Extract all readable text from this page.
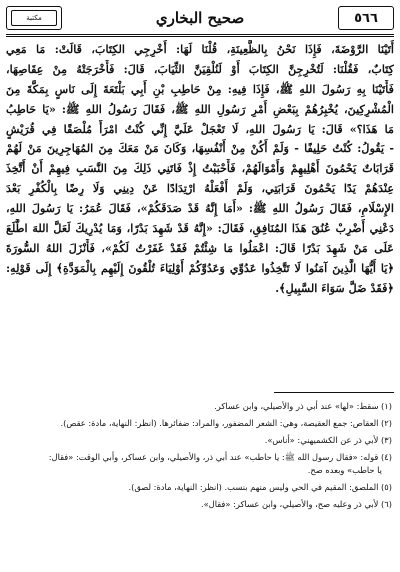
٥٦٦
صحيح البخاري
مكتبة
أَتَيْنَا الرَّوْضَةَ، فَإِذَا نَحْنُ بِالظَّعِينَةِ، قُلْنَا لَهَا: أَخْرِجِي الكِتَابَ، قَالَتْ: مَا مَعِي
كِتَابٌ، فَقُلْنَا: لَتُخْرِجِنَّ الكِتَابَ أَوْ لَنُلْقِيَنَّ الثِّيَابَ، قَالَ: فَأَخْرَجَتْهُ مِنْ عِقَاصِهَا،
فَأَتَيْنَا بِهِ رَسُولَ اللهِ ﷺ، فَإِذَا فِيهِ: مِنْ حَاطِبِ بْنِ أَبِي بَلْتَعَةَ إِلَى نَاسٍ بِمَكَّةَ مِنَ
الْمُشْرِكِينَ، يُخْبِرُهُمْ بِبَعْضِ أَمْرِ رَسُولِ اللهِ ﷺ، فَقَالَ رَسُولُ اللهِ ﷺ: «يَا حَاطِبُ
مَا هَذَا؟» قَالَ: يَا رَسُولَ اللهِ، لَا تَعْجَلْ عَلَيَّ إِنِّي كُنْتُ امْرَأً مُلْصَقًا فِي قُرَيْشٍ
- يَقُولُ: كُنْتُ حَلِيفًا - وَلَمْ أَكُنْ مِنْ أَنْفُسِهَا، وَكَانَ مَنْ مَعَكَ مِنَ المُهَاجِرِينَ مَنْ لَهُمْ
قَرَابَاتٌ يَحْمُونَ أَهْلِيهِمْ وَأَمْوَالَهُمْ، فَأَحْبَبْتُ إِذْ فَاتَنِي ذَلِكَ مِنَ النَّسَبِ فِيهِمْ أَنْ أَتَّخِذَ
عِنْدَهُمْ يَدًا يَحْمُونَ قَرَابَتِي، وَلَمْ أَفْعَلْهُ ارْتِدَادًا عَنْ دِينِي وَلَا رِضًا بِالْكُفْرِ بَعْدَ
الإِسْلَامِ، فَقَالَ رَسُولُ اللهِ ﷺ: «أَمَا إِنَّهُ قَدْ صَدَقَكُمْ»، فَقَالَ عُمَرُ: يَا رَسُولَ اللهِ،
دَعْنِي أَضْرِبْ عُنُقَ هَذَا المُنَافِقِ، فَقَالَ: «إِنَّهُ قَدْ شَهِدَ بَدْرًا، وَمَا يُدْرِيكَ لَعَلَّ اللهَ اطَّلَعَ
عَلَى مَنْ شَهِدَ بَدْرًا قَالَ: اعْمَلُوا مَا شِئْتُمْ فَقَدْ غَفَرْتُ لَكُمْ»، فَأَنْزَلَ اللهُ السُّورَةَ
﴿يَا أَيُّهَا الَّذِينَ آمَنُوا لَا تَتَّخِذُوا عَدُوِّي وَعَدُوَّكُمْ أَوْلِيَاءَ تُلْقُونَ إِلَيْهِم بِالْمَوَدَّةِ﴾ إِلَى قَوْلِهِ:
﴿فَقَدْ ضَلَّ سَوَاءَ السَّبِيلِ﴾.
(١) سقط: «لها» عند أبي ذر والأصيلي، وابن عساكر.
(٢) العقاص: جمع العقيصة، وهي: الشعر المضفور، والمراد: ضفائرها. (انظر: النهاية، مادة: عقص).
(٣) لأبي ذر عن الكشميهني: «أناس».
(٤) قوله: «فقال رسول الله ﷺ: يا حاطب» عند أبي ذر، والأصيلي، وابن عساكر، وأبي الوقت: «فقال:
يا حاطب» وبعده صح.
(٥) الملصق: المقيم في الحي وليس منهم بنسب. (انظر: النهاية، مادة: لصق).
(٦) لأبي ذر وعليه صح، والأصيلي، وابن عساكر: «فقال».
